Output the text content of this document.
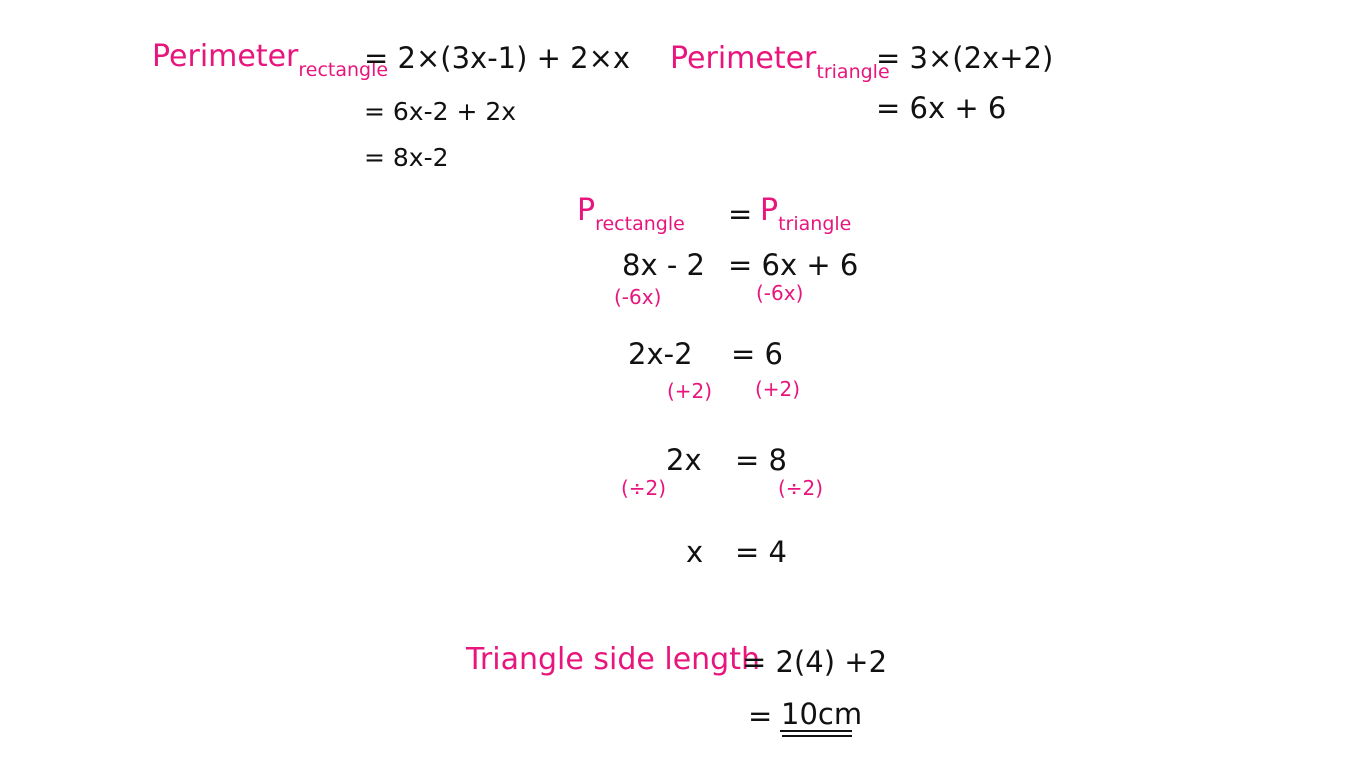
Perimeter$_{rectangle}$
= 2×(3x-1) + 2×x
= 6x-2 + 2x
= 8x-2
Perimeter$_{triangle}$
= 3×(2x+2)
= 6x + 6
$P_{rectangle} = P_{triangle}$
8x - 2 = 6x + 6
(-6x)	(-6x)
2x-2 = 6
(+2) (+2)
2x = 8
(÷2)	(÷2)
x = 4
Triangle side length
= 2(4) +2
= 10cm
